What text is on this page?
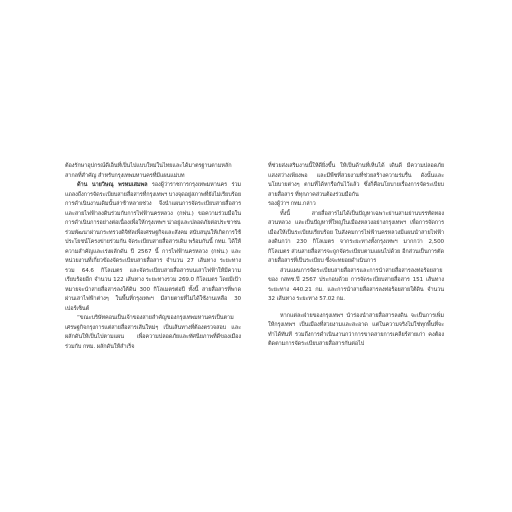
ต้องรักษาอุปกรณ์ดีเอ็นที่เป็นไปแบบใหม่ในไทยและได้มาตรฐานตามหลักสากลที่สำคัญ สำหรับกรุงเทพมหานครที่มีแผนแม่บท

ด้าน นายวิษณุ พรหมเสมพล รองผู้ว่าราชการกรุงเทพมหานคร ร่วมแถลงถึงการจัดระเบียบสายสื่อสารที่กรุงเทพฯ บางจุดอยู่สภาพที่ยังไม่เรียบร้อย การดำเนินงานเดิมนั้นล่าช้าหลายช่วง จึงนำแผนการจัดระเบียบสายสื่อสารและสายไฟฟ้าลงดินร่วมกับการไฟฟ้านครหลวง (กฟน.) ขอความร่วมมือในการดำเนินการอย่างต่อเนื่องเพื่อให้กรุงเทพฯ น่าอยู่และปลอดภัยต่อประชาชน

ร่วมพัฒนาผ่านกระทรวงดิจิทัลเพื่อเศรษฐกิจและสังคม สนับสนุนให้เกิดการใช้ประโยชน์โครงข่ายร่วมกัน จัดระเบียบสายสื่อสารเดิม พร้อมกันนี้ กทม. ได้ให้ความสำคัญและเร่งผลักดัน ปี 2567 นี้ การไฟฟ้านครหลวง (กฟน.) และหน่วยงานที่เกี่ยวข้องจัดระเบียบสายสื่อสาร จำนวน 27 เส้นทาง ระยะทางรวม 64.6 กิโลเมตร และจัดระเบียบสายสื่อสารบนเสาไฟฟ้าให้มีความเรียบร้อยอีก จำนวน 122 เส้นทาง ระยะทางรวม 269.0 กิโลเมตร โดยมีเป้าหมายจะนำสายสื่อสารลงใต้ดิน 300 กิโลเมตรต่อปี ทั้งนี้ สายสื่อสารที่พาดผ่านเสาไฟฟ้าต่างๆ ในพื้นที่กรุงเทพฯ มีสายตายที่ไม่ได้ใช้งานเหลือ 30 เปอร์เซ็นต์

“ขณะบริษัทคอนเป็นเจ้าของสายสำคัญของกรุงเทพมหานครเป็นตามเศรษฐกิจกรุงการแต่สายสื่อสารเส้นใหม่ๆ เป็นเส้นทางที่ต้องตรวจสอบ และผลักดันให้เป็นไปตามแผน เพื่อความปลอดภัยและทัศนียภาพที่ดีของเมือง ร่วมกับ กทม. ผลักดันให้สำเร็จ

ที่ช่วยส่งเสริมงานนี้ให้ดียิ่งขึ้น ให้เป็นด้านที่เห็นได้ เดินดี มีความปลอดภัย แสงสว่างเพียงพอ และมีพืชที่สวยงามที่ช่วยสร้างความร่มรื่น ดังนั้นและนโยบายต่างๆ ตามที่ได้หารือกันไว้แล้ว ซึ่งก็คือนโยบายเรื่องการจัดระเบียบสายสื่อสาร ที่ทุกภาคส่วนต้องร่วมมือกัน

รองผู้ว่าฯ กทม.กล่าว

ทั้งนี้ สายสื่อสารไม่ได้เป็นปัญหาเฉพาะย่านสามย่านบรรทัดทอง สวนหลวง และเป็นปัญหาที่ใหญ่ในเมืองหลวงอย่างกรุงเทพฯ เพื่อการจัดการเมืองให้เป็นระเบียบเรียบร้อย ในสังคมการไฟฟ้านครหลวงมีแผนนำสายไฟฟ้าลงดินกว่า 230 กิโลเมตร จากระยะทางทั้งกรุงเทพฯ มากกว่า 2,500 กิโลเมตร ส่วนสายสื่อสารจะถูกจัดระเบียบตามแผนไปด้วย อีกส่วนเป็นการตัดสายสื่อสารที่เป็นระเบียบ ซึ่งจะทยอยดำเนินการ

ส่วนแผนการจัดระเบียบสายสื่อสารและการนำสายสื่อสารลงท่อร้อยสาย ของ กสทช.ปี 2567 ประกอบด้วย การจัดระเบียบสายสื่อสาร 151 เส้นทาง ระยะทาง 440.21 กม. และการนำสายสื่อสารลงท่อร้อยสายใต้ดิน จำนวน 32 เส้นทาง ระยะทาง 57.02 กม.

หากแต่ละฝ่ายของกรุงเทพฯ นำร่องนำสายสื่อสารลงดิน จะเป็นการเพิ่มให้กรุงเทพฯ เป็นเมืองที่สวยงามและสะอาด แต่ในความจริงไม่ใช่ทุกพื้นที่จะทำได้ทันที รวมถึงการดำเนินงานกว่าการขาดสายการเคลียร์สายเก่า คงต้องติดตามการจัดระเบียบสายสื่อสารกันต่อไป
